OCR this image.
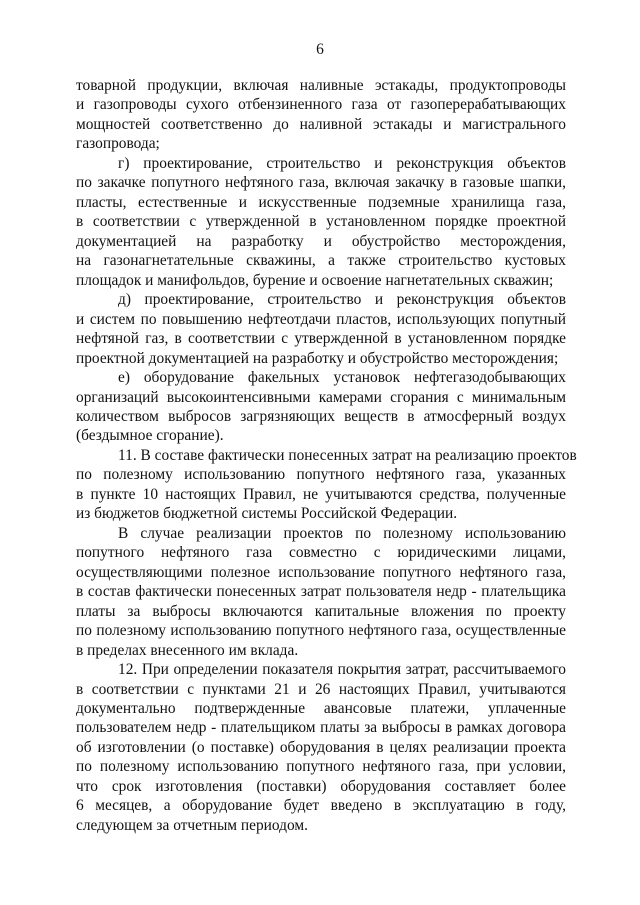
6
товарной продукции, включая наливные эстакады, продуктопроводы
и газопроводы сухого отбензиненного газа от газоперерабатывающих
мощностей соответственно до наливной эстакады и магистрального
газопровода;
г) проектирование, строительство и реконструкция объектов
по закачке попутного нефтяного газа, включая закачку в газовые шапки,
пласты, естественные и искусственные подземные хранилища газа,
в соответствии с утвержденной в установленном порядке проектной
документацией на разработку и обустройство месторождения,
на газонагнетательные скважины, а также строительство кустовых
площадок и манифольдов, бурение и освоение нагнетательных скважин;
д) проектирование, строительство и реконструкция объектов
и систем по повышению нефтеотдачи пластов, использующих попутный
нефтяной газ, в соответствии с утвержденной в установленном порядке
проектной документацией на разработку и обустройство месторождения;
е) оборудование факельных установок нефтегазодобывающих
организаций высокоинтенсивными камерами сгорания с минимальным
количеством выбросов загрязняющих веществ в атмосферный воздух
(бездымное сгорание).
11. В составе фактически понесенных затрат на реализацию проектов
по полезному использованию попутного нефтяного газа, указанных
в пункте 10 настоящих Правил, не учитываются средства, полученные
из бюджетов бюджетной системы Российской Федерации.
В случае реализации проектов по полезному использованию
попутного нефтяного газа совместно с юридическими лицами,
осуществляющими полезное использование попутного нефтяного газа,
в состав фактически понесенных затрат пользователя недр - плательщика
платы за выбросы включаются капитальные вложения по проекту
по полезному использованию попутного нефтяного газа, осуществленные
в пределах внесенного им вклада.
12. При определении показателя покрытия затрат, рассчитываемого
в соответствии с пунктами 21 и 26 настоящих Правил, учитываются
документально подтвержденные авансовые платежи, уплаченные
пользователем недр - плательщиком платы за выбросы в рамках договора
об изготовлении (о поставке) оборудования в целях реализации проекта
по полезному использованию попутного нефтяного газа, при условии,
что срок изготовления (поставки) оборудования составляет более
6 месяцев, а оборудование будет введено в эксплуатацию в году,
следующем за отчетным периодом.
